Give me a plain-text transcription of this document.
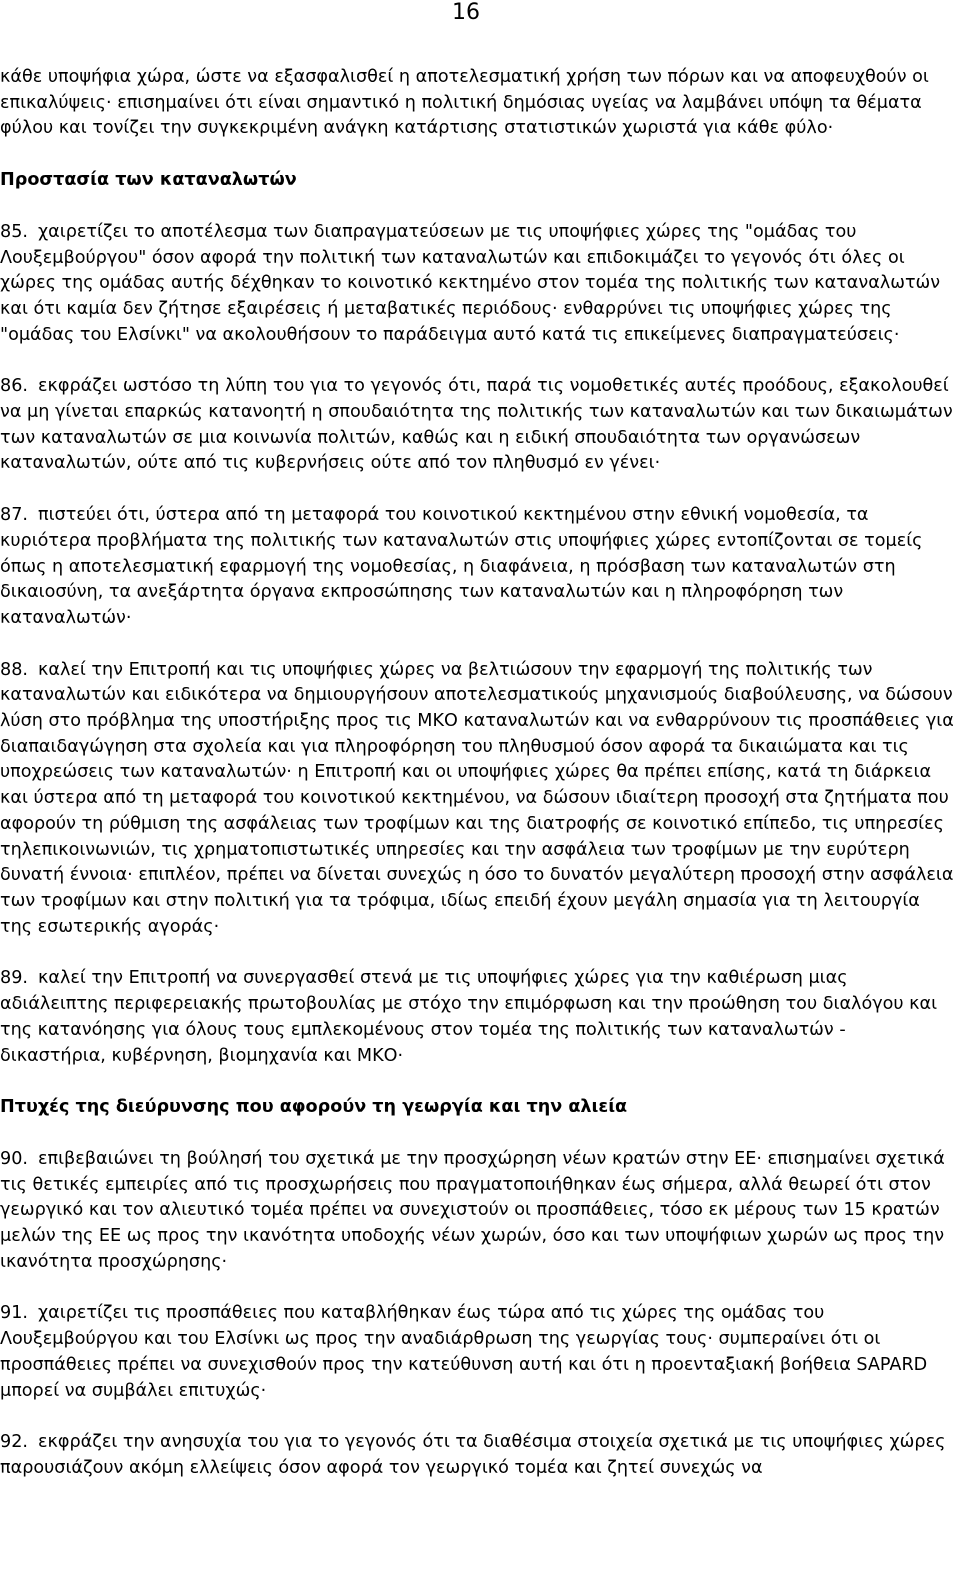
16
κάθε υποψήφια χώρα, ώστε να εξασφαλισθεί η αποτελεσματική χρήση των πόρων και να αποφευχθούν οι επικαλύψεις· επισημαίνει ότι είναι σημαντικό η πολιτική δημόσιας υγείας να λαμβάνει υπόψη τα θέματα φύλου και τονίζει την συγκεκριμένη ανάγκη κατάρτισης στατιστικών χωριστά για κάθε φύλο·
Προστασία των καταναλωτών
85. χαιρετίζει το αποτέλεσμα των διαπραγματεύσεων με τις υποψήφιες χώρες της "ομάδας του Λουξεμβούργου" όσον αφορά την πολιτική των καταναλωτών και επιδοκιμάζει το γεγονός ότι όλες οι χώρες της ομάδας αυτής δέχθηκαν το κοινοτικό κεκτημένο στον τομέα της πολιτικής των καταναλωτών και ότι καμία δεν ζήτησε εξαιρέσεις ή μεταβατικές περιόδους· ενθαρρύνει τις υποψήφιες χώρες της "ομάδας του Ελσίνκι" να ακολουθήσουν το παράδειγμα αυτό κατά τις επικείμενες διαπραγματεύσεις·
86. εκφράζει ωστόσο τη λύπη του για το γεγονός ότι, παρά τις νομοθετικές αυτές προόδους, εξακολουθεί να μη γίνεται επαρκώς κατανοητή η σπουδαιότητα της πολιτικής των καταναλωτών και των δικαιωμάτων των καταναλωτών σε μια κοινωνία πολιτών, καθώς και η ειδική σπουδαιότητα των οργανώσεων καταναλωτών, ούτε από τις κυβερνήσεις ούτε από τον πληθυσμό εν γένει·
87. πιστεύει ότι, ύστερα από τη μεταφορά του κοινοτικού κεκτημένου στην εθνική νομοθεσία, τα κυριότερα προβλήματα της πολιτικής των καταναλωτών στις υποψήφιες χώρες εντοπίζονται σε τομείς όπως η αποτελεσματική εφαρμογή της νομοθεσίας, η διαφάνεια, η πρόσβαση των καταναλωτών στη δικαιοσύνη, τα ανεξάρτητα όργανα εκπροσώπησης των καταναλωτών και η πληροφόρηση των καταναλωτών·
88. καλεί την Επιτροπή και τις υποψήφιες χώρες να βελτιώσουν την εφαρμογή της πολιτικής των καταναλωτών και ειδικότερα να δημιουργήσουν αποτελεσματικούς μηχανισμούς διαβούλευσης, να δώσουν λύση στο πρόβλημα της υποστήριξης προς τις ΜΚΟ καταναλωτών και να ενθαρρύνουν τις προσπάθειες για διαπαιδαγώγηση στα σχολεία και για πληροφόρηση του πληθυσμού όσον αφορά τα δικαιώματα και τις υποχρεώσεις των καταναλωτών· η Επιτροπή και οι υποψήφιες χώρες θα πρέπει επίσης, κατά τη διάρκεια και ύστερα από τη μεταφορά του κοινοτικού κεκτημένου, να δώσουν ιδιαίτερη προσοχή στα ζητήματα που αφορούν τη ρύθμιση της ασφάλειας των τροφίμων και της διατροφής σε κοινοτικό επίπεδο, τις υπηρεσίες τηλεπικοινωνιών, τις χρηματοπιστωτικές υπηρεσίες και την ασφάλεια των τροφίμων με την ευρύτερη δυνατή έννοια· επιπλέον, πρέπει να δίνεται συνεχώς η όσο το δυνατόν μεγαλύτερη προσοχή στην ασφάλεια των τροφίμων και στην πολιτική για τα τρόφιμα, ιδίως επειδή έχουν μεγάλη σημασία για τη λειτουργία της εσωτερικής αγοράς·
89. καλεί την Επιτροπή να συνεργασθεί στενά με τις υποψήφιες χώρες για την καθιέρωση μιας αδιάλειπτης περιφερειακής πρωτοβουλίας με στόχο την επιμόρφωση και την προώθηση του διαλόγου και της κατανόησης για όλους τους εμπλεκομένους στον τομέα της πολιτικής των καταναλωτών - δικαστήρια, κυβέρνηση, βιομηχανία και ΜΚΟ·
Πτυχές της διεύρυνσης που αφορούν τη γεωργία και την αλιεία
90. επιβεβαιώνει τη βούλησή του σχετικά με την προσχώρηση νέων κρατών στην ΕΕ· επισημαίνει σχετικά τις θετικές εμπειρίες από τις προσχωρήσεις που πραγματοποιήθηκαν έως σήμερα, αλλά θεωρεί ότι στον γεωργικό και τον αλιευτικό τομέα πρέπει να συνεχιστούν οι προσπάθειες, τόσο εκ μέρους των 15 κρατών μελών της ΕΕ ως προς την ικανότητα υποδοχής νέων χωρών, όσο και των υποψήφιων χωρών ως προς την ικανότητα προσχώρησης·
91. χαιρετίζει τις προσπάθειες που καταβλήθηκαν έως τώρα από τις χώρες της ομάδας του Λουξεμβούργου και του Ελσίνκι ως προς την αναδιάρθρωση της γεωργίας τους· συμπεραίνει ότι οι προσπάθειες πρέπει να συνεχισθούν προς την κατεύθυνση αυτή και ότι η προενταξιακή βοήθεια SAPARD μπορεί να συμβάλει επιτυχώς·
92. εκφράζει την ανησυχία του για το γεγονός ότι τα διαθέσιμα στοιχεία σχετικά με τις υποψήφιες χώρες παρουσιάζουν ακόμη ελλείψεις όσον αφορά τον γεωργικό τομέα και ζητεί συνεχώς να
